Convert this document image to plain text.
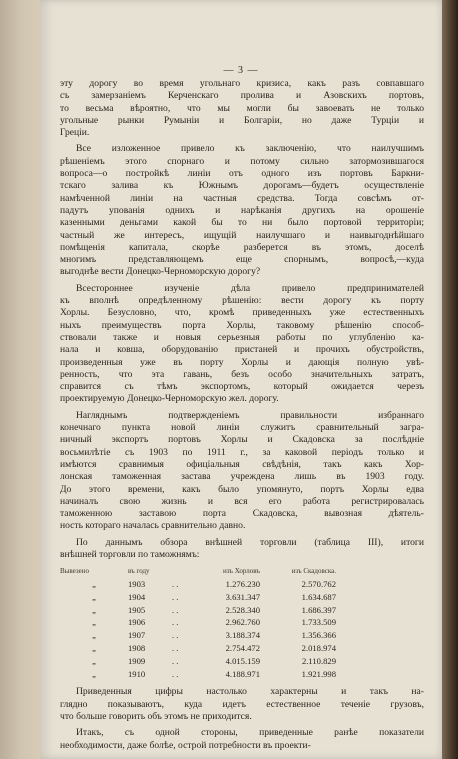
— 3 —
эту дорогу во время угольнаго кризиса, какъ разъ совпавшаго
съ замерзаніемъ Керченскаго пролива и Азовскихъ портовъ,
то весьма вѣроятно, что мы могли бы завоевать не только
угольные рынки Румыніи и Болгаріи, но даже Турціи и
Греціи.
Все изложенное привело къ заключенію, что наилучшимъ
рѣшеніемъ этого спорнаго и потому сильно затормозившагося
вопроса—о постройкѣ линіи отъ одного изъ портовъ Баркни-
тскаго залива къ Южнымъ дорогамъ—будетъ осуществленіе
намѣченной линіи на частныя средства. Тогда совсѣмъ от-
падутъ упованія однихъ и нарѣканія другихъ на орошеніе
казенными деньгами какой бы то ни было портовой территоріи;
частный же интересъ, ищущій наилучшаго и наивыгоднѣйшаго
помѣщенія капитала, скорѣе разберется въ этомъ, доселѣ
многимъ представляющемъ еще спорнымъ, вопросѣ,—куда
выгоднѣе вести Донецко-Черноморскую дорогу?
Всестороннее изученіе дѣла привело предпринимателей
къ вполнѣ опредѣленному рѣшенію: вести дорогу къ порту
Хорлы. Безусловно, что, кромѣ приведенныхъ уже естественныхъ
ныхъ преимуществъ порта Хорлы, таковому рѣшенію способ-
ствовали также и новыя серьезныя работы по углубленію ка-
нала и ковша, оборудованію пристаней и прочихъ обустройствъ,
произведенныя уже въ порту Хорлы и дающія полную увѣ-
ренность, что эта гавань, безъ особо значительныхъ затратъ,
справится съ тѣмъ экспортомъ, который ожидается черезъ
проектируемую Донецко-Черноморскую жел. дорогу.
Нагляднымъ подтвержденіемъ правильности избраннаго
конечнаго пункта новой линіи служитъ сравнительный загра-
ничный экспортъ портовъ Хорлы и Скадовска за послѣдніе
восьмилѣтіе съ 1903 по 1911 г., за каковой періодъ только и
имѣются сравнимыя офиціальныя свѣдѣнія, такъ какъ Хор-
лонская таможенная застава учреждена лишь въ 1903 году.
До этого времени, какъ было упомянуто, портъ Хорлы едва
начиналъ свою жизнь и вся его работа регистрировалась
таможенною заставою порта Скадовска, вывозная дѣятель-
ность котораго началась сравнительно давно.
По даннымъ обзора внѣшней торговли (таблица III), итоги
внѣшней торговли по таможнямъ:
Вывезено	въ году	изъ Хорловъ	изъ Скадовска.
„	1903	. .	1.276.230	2.570.762
„	1904	. .	3.631.347	1.634.687
„	1905	. .	2.528.340	1.686.397
„	1906	. .	2.962.760	1.733.509
„	1907	. .	3.188.374	1.356.366
„	1908	. .	2.754.472	2.018.974
„	1909	. .	4.015.159	2.110.829
„	1910	. .	4.188.971	1.921.998
Приведенныя цифры настолько характерны и такъ на-
глядно показываютъ, куда идетъ естественное теченіе грузовъ,
что больше говорить объ этомъ не приходится.
Итакъ, съ одной стороны, приведенные ранѣе показатели
необходимости, даже болѣе, острой потребности въ проекти-
